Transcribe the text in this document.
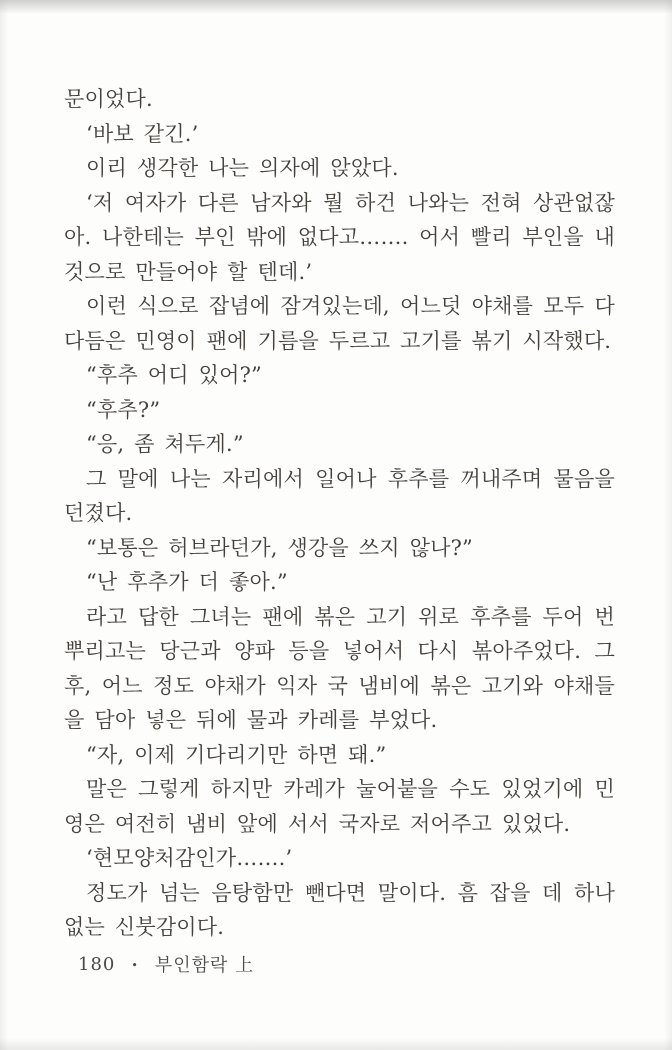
문이었다.

‘바보 같긴.’

이리 생각한 나는 의자에 앉았다.

‘저 여자가 다른 남자와 뭘 하건 나와는 전혀 상관없잖아. 나한테는 부인 밖에 없다고……. 어서 빨리 부인을 내 것으로 만들어야 할 텐데.’

이런 식으로 잡념에 잠겨있는데, 어느덧 야채를 모두 다 다듬은 민영이 팬에 기름을 두르고 고기를 볶기 시작했다.

“후추 어디 있어?”

“후추?”

“응, 좀 쳐두게.”

그 말에 나는 자리에서 일어나 후추를 꺼내주며 물음을 던졌다.

“보통은 허브라던가, 생강을 쓰지 않나?”

“난 후추가 더 좋아.”

라고 답한 그녀는 팬에 볶은 고기 위로 후추를 두어 번 뿌리고는 당근과 양파 등을 넣어서 다시 볶아주었다. 그 후, 어느 정도 야채가 익자 국 냄비에 볶은 고기와 야채들을 담아 넣은 뒤에 물과 카레를 부었다.

“자, 이제 기다리기만 하면 돼.”

말은 그렇게 하지만 카레가 눌어붙을 수도 있었기에 민영은 여전히 냄비 앞에 서서 국자로 저어주고 있었다.

‘현모양처감인가…….’

정도가 넘는 음탕함만 뺀다면 말이다. 흠 잡을 데 하나 없는 신붓감이다.

180 • 부인함락 上
